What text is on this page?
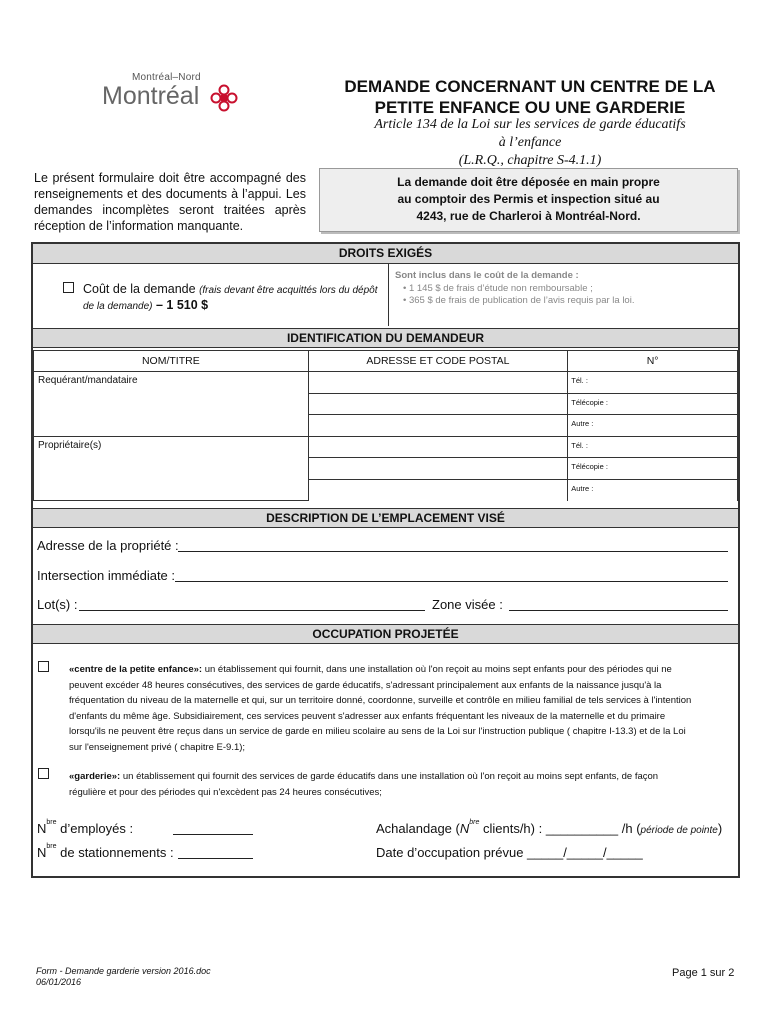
Montréal–Nord
Montréal	DEMANDE CONCERNANT UN CENTRE DE LA
PETITE ENFANCE OU UNE GARDERIE
Article 134 de la Loi sur les services de garde éducatifs
à l’enfance
(L.R.Q., chapitre S-4.1.1)
Le présent formulaire doit être accompagné des renseignements et des documents à l’appui. Les demandes incomplètes seront traitées après réception de l’information manquante.
La demande doit être déposée en main propre
au comptoir des Permis et inspection situé au
4243, rue de Charleroi à Montréal-Nord.
DROITS EXIGÉS
Coût de la demande (frais devant être acquittés lors du dépôt de la demande) – 1 510 $
Sont inclus dans le coût de la demande :
• 1 145 $ de frais d’étude non remboursable ;
• 365 $ de frais de publication de l’avis requis par la loi.
IDENTIFICATION DU DEMANDEUR
NOM/TITRE	ADRESSE ET CODE POSTAL	N°
Requérant/mandataire		Tél. :
		Télécopie :
		Autre :
Propriétaire(s)		Tél. :
		Télécopie :
		Autre :
DESCRIPTION DE L’EMPLACEMENT VISÉ
Adresse de la propriété :
Intersection immédiate :
Lot(s) :	Zone visée :
OCCUPATION PROJETÉE
«centre de la petite enfance»: un établissement qui fournit, dans une installation où l'on reçoit au moins sept enfants pour des périodes qui ne
peuvent excéder 48 heures consécutives, des services de garde éducatifs, s'adressant principalement aux enfants de la naissance jusqu'à la
fréquentation du niveau de la maternelle et qui, sur un territoire donné, coordonne, surveille et contrôle en milieu familial de tels services à l'intention
d'enfants du même âge. Subsidiairement, ces services peuvent s'adresser aux enfants fréquentant les niveaux de la maternelle et du primaire
lorsqu'ils ne peuvent être reçus dans un service de garde en milieu scolaire au sens de la Loi sur l'instruction publique ( chapitre I-13.3) et de la Loi
sur l'enseignement privé ( chapitre E-9.1);
«garderie»: un établissement qui fournit des services de garde éducatifs dans une installation où l'on reçoit au moins sept enfants, de façon
régulière et pour des périodes qui n'excèdent pas 24 heures consécutives;
$N^{bre}$ d’employés :
$N^{bre}$ de stationnements :
Achalandage ($N^{bre}$ clients/h) : __________ /h (période de pointe)
Date d’occupation prévue _____/_____/_____
Form - Demande garderie version 2016.doc
06/01/2016
Page 1 sur 2
